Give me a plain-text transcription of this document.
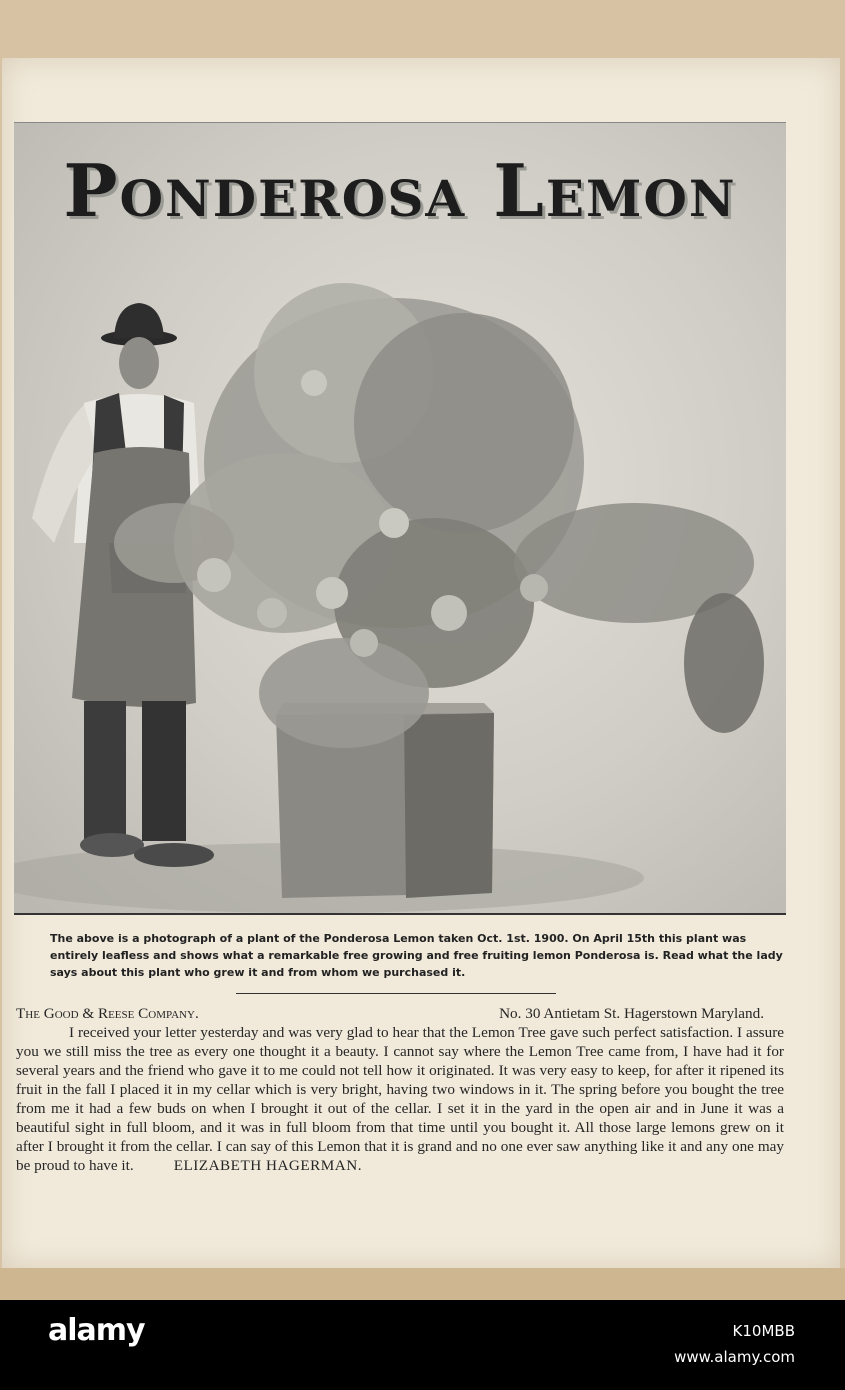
Ponderosa Lemon

The above is a photograph of a plant of the Ponderosa Lemon taken Oct. 1st. 1900. On April 15th this plant was entirely leafless and shows what a remarkable free growing and free fruiting lemon Ponderosa is. Read what the lady says about this plant who grew it and from whom we purchased it.

The Good & Reese Company.	No. 30 Antietam St. Hagerstown Maryland.

I received your letter yesterday and was very glad to hear that the Lemon Tree gave such perfect satisfaction. I assure you we still miss the tree as every one thought it a beauty. I cannot say where the Lemon Tree came from, I have had it for several years and the friend who gave it to me could not tell how it originated. It was very easy to keep, for after it ripened its fruit in the fall I placed it in my cellar which is very bright, having two windows in it. The spring before you bought the tree from me it had a few buds on when I brought it out of the cellar. I set it in the yard in the open air and in June it was a beautiful sight in full bloom, and it was in full bloom from that time until you bought it. All those large lemons grew on it after I brought it from the cellar. I can say of this Lemon that it is grand and no one ever saw anything like it and any one may be proud to have it.	ELIZABETH HAGERMAN.

alamy	K10MBB
www.alamy.com
